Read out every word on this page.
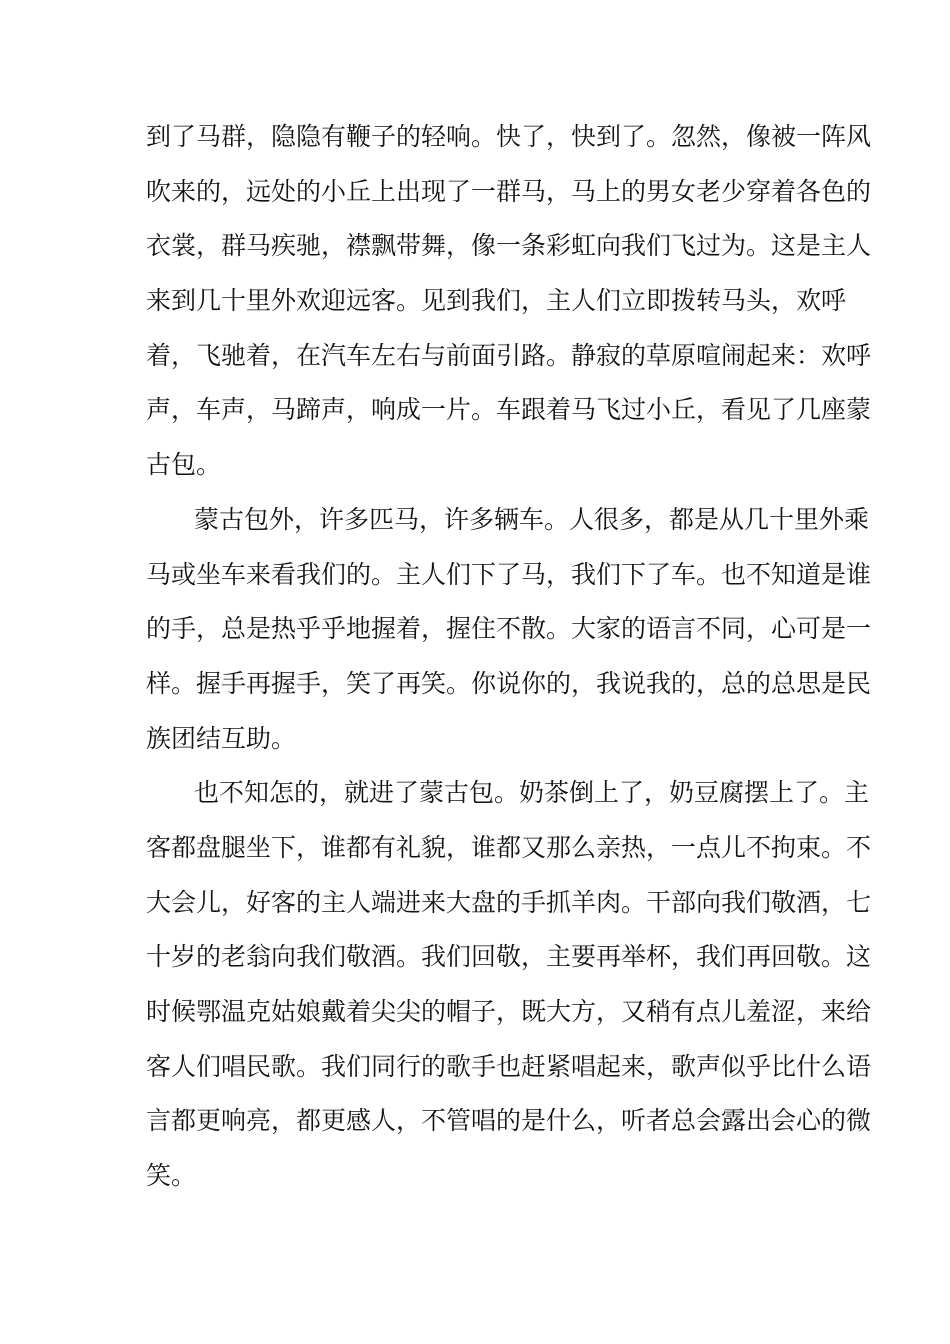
到了马群，隐隐有鞭子的轻响。快了，快到了。忽然，像被一阵风
吹来的，远处的小丘上出现了一群马，马上的男女老少穿着各色的
衣裳，群马疾驰，襟飘带舞，像一条彩虹向我们飞过为。这是主人
来到几十里外欢迎远客。见到我们，主人们立即拨转马头，欢呼
着，飞驰着，在汽车左右与前面引路。静寂的草原喧闹起来：欢呼
声，车声，马蹄声，响成一片。车跟着马飞过小丘，看见了几座蒙
古包。
蒙古包外，许多匹马，许多辆车。人很多，都是从几十里外乘
马或坐车来看我们的。主人们下了马，我们下了车。也不知道是谁
的手，总是热乎乎地握着，握住不散。大家的语言不同，心可是一
样。握手再握手，笑了再笑。你说你的，我说我的，总的总思是民
族团结互助。
也不知怎的，就进了蒙古包。奶茶倒上了，奶豆腐摆上了。主
客都盘腿坐下，谁都有礼貌，谁都又那么亲热，一点儿不拘束。不
大会儿，好客的主人端进来大盘的手抓羊肉。干部向我们敬酒，七
十岁的老翁向我们敬酒。我们回敬，主要再举杯，我们再回敬。这
时候鄂温克姑娘戴着尖尖的帽子，既大方，又稍有点儿羞涩，来给
客人们唱民歌。我们同行的歌手也赶紧唱起来，歌声似乎比什么语
言都更响亮，都更感人，不管唱的是什么，听者总会露出会心的微
笑。
